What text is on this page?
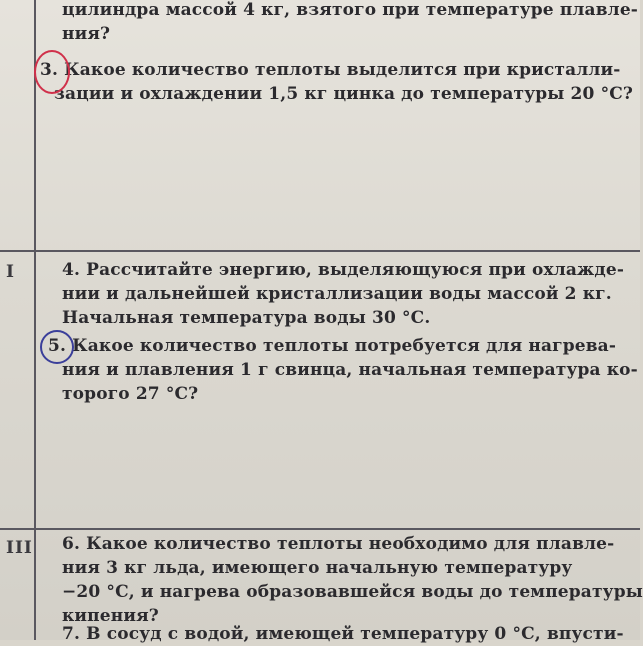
I
III
цилиндра массой 4 кг, взятого при температуре плавле-
ния?
3. Какое количество теплоты выделится при кристалли-
зации и охлаждении 1,5 кг цинка до температуры 20 °С?
4. Рассчитайте энергию, выделяющуюся при охлажде-
нии и дальнейшей кристаллизации воды массой 2 кг.
Начальная температура воды 30 °С.
5. Какое количество теплоты потребуется для нагрева-
ния и плавления 1 г свинца, начальная температура ко-
торого 27 °С?
6. Какое количество теплоты необходимо для плавле-
ния 3 кг льда, имеющего начальную температуру
−20 °С, и нагрева образовавшейся воды до температуры
кипения?
7. В сосуд с водой, имеющей температуру 0 °С, впусти-
